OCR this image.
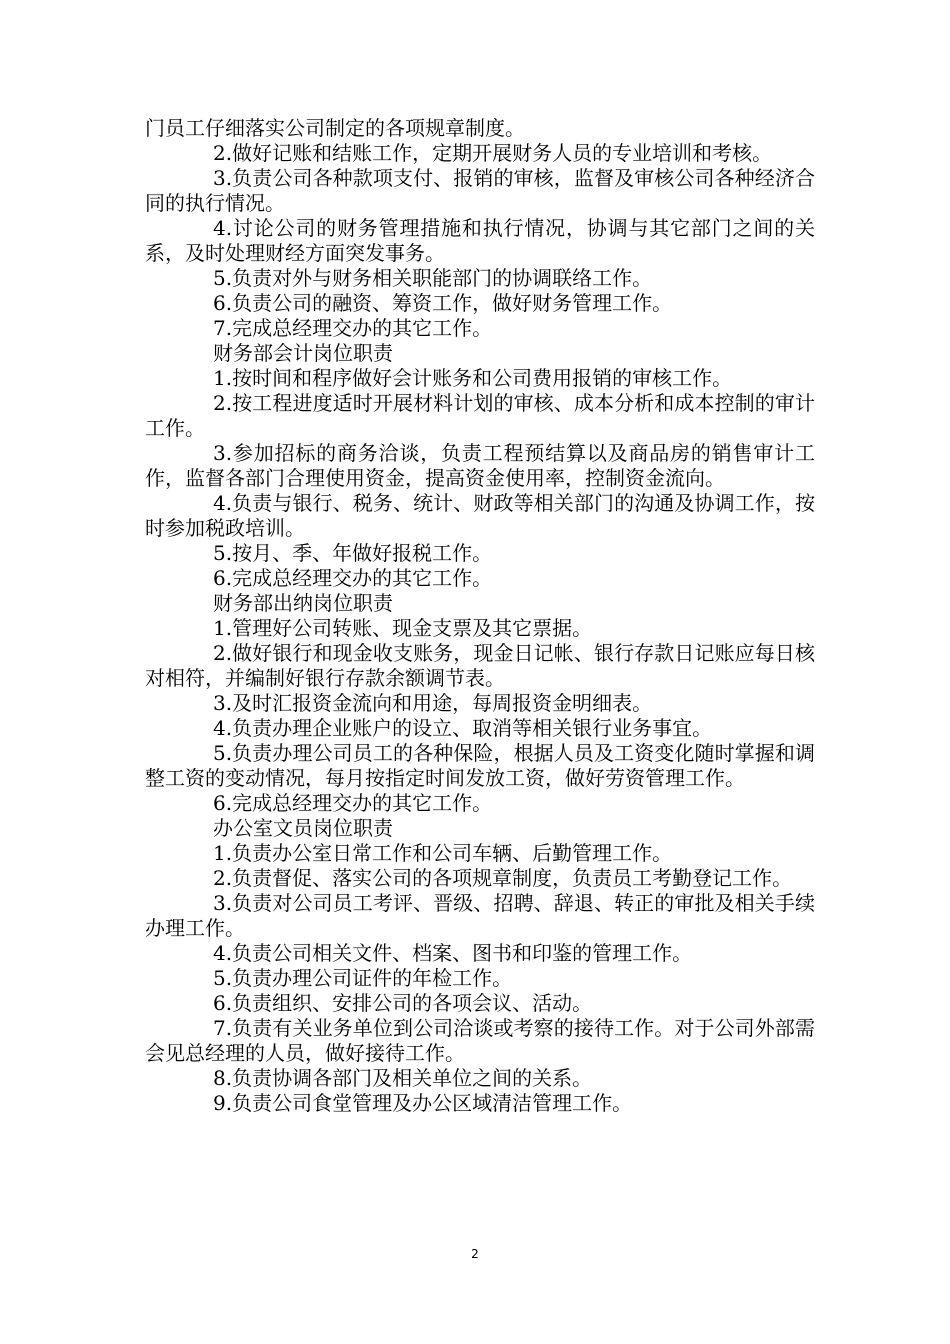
门员工仔细落实公司制定的各项规章制度。

2.做好记账和结账工作，定期开展财务人员的专业培训和考核。

3.负责公司各种款项支付、报销的审核，监督及审核公司各种经济合同的执行情况。

4.讨论公司的财务管理措施和执行情况，协调与其它部门之间的关系，及时处理财经方面突发事务。

5.负责对外与财务相关职能部门的协调联络工作。

6.负责公司的融资、筹资工作，做好财务管理工作。

7.完成总经理交办的其它工作。

财务部会计岗位职责

1.按时间和程序做好会计账务和公司费用报销的审核工作。

2.按工程进度适时开展材料计划的审核、成本分析和成本控制的审计工作。

3.参加招标的商务洽谈，负责工程预结算以及商品房的销售审计工作，监督各部门合理使用资金，提高资金使用率，控制资金流向。

4.负责与银行、税务、统计、财政等相关部门的沟通及协调工作，按时参加税政培训。

5.按月、季、年做好报税工作。

6.完成总经理交办的其它工作。

财务部出纳岗位职责

1.管理好公司转账、现金支票及其它票据。

2.做好银行和现金收支账务，现金日记帐、银行存款日记账应每日核对相符，并编制好银行存款余额调节表。

3.及时汇报资金流向和用途，每周报资金明细表。

4.负责办理企业账户的设立、取消等相关银行业务事宜。

5.负责办理公司员工的各种保险，根据人员及工资变化随时掌握和调整工资的变动情况，每月按指定时间发放工资，做好劳资管理工作。

6.完成总经理交办的其它工作。

办公室文员岗位职责

1.负责办公室日常工作和公司车辆、后勤管理工作。

2.负责督促、落实公司的各项规章制度，负责员工考勤登记工作。

3.负责对公司员工考评、晋级、招聘、辞退、转正的审批及相关手续办理工作。

4.负责公司相关文件、档案、图书和印鉴的管理工作。

5.负责办理公司证件的年检工作。

6.负责组织、安排公司的各项会议、活动。

7.负责有关业务单位到公司洽谈或考察的接待工作。对于公司外部需会见总经理的人员，做好接待工作。

8.负责协调各部门及相关单位之间的关系。

9.负责公司食堂管理及办公区域清洁管理工作。

2
